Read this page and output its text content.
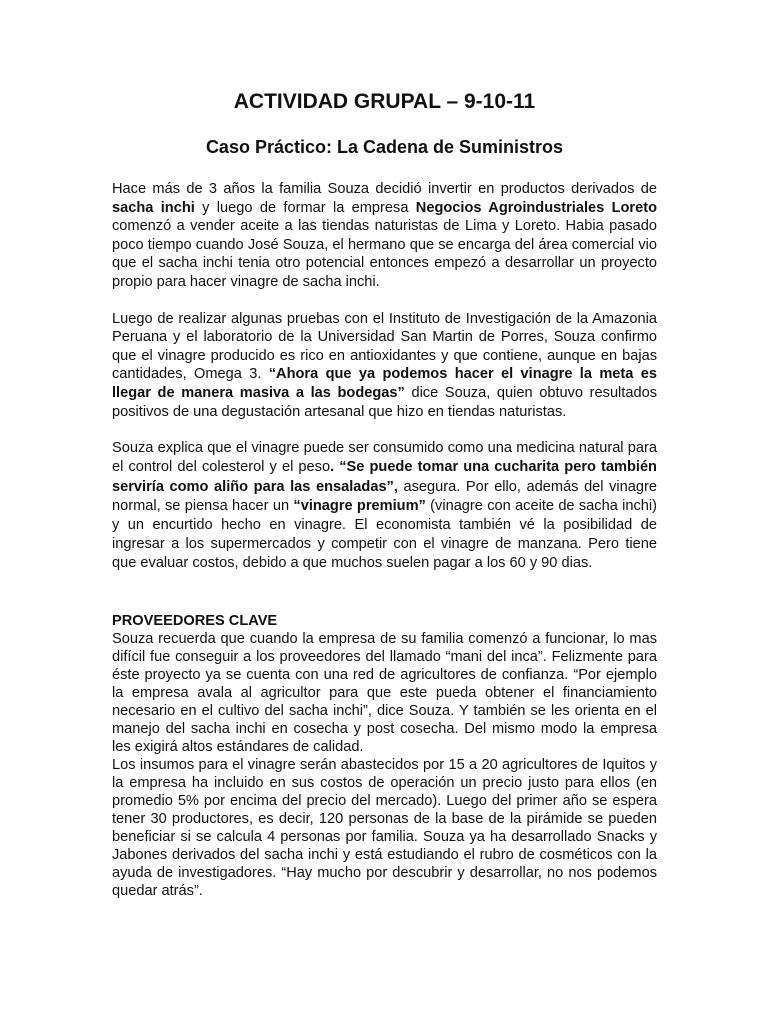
ACTIVIDAD GRUPAL – 9-10-11
Caso Práctico: La Cadena de Suministros

Hace más de 3 años la familia Souza decidió invertir en productos derivados de sacha inchi y luego de formar la empresa Negocios Agroindustriales Loreto comenzó a vender aceite a las tiendas naturistas de Lima y Loreto. Habia pasado poco tiempo cuando José Souza, el hermano que se encarga del área comercial vio que el sacha inchi tenia otro potencial entonces empezó a desarrollar un proyecto propio para hacer vinagre de sacha inchi.

Luego de realizar algunas pruebas con el Instituto de Investigación de la Amazonia Peruana y el laboratorio de la Universidad San Martin de Porres, Souza confirmo que el vinagre producido es rico en antioxidantes y que contiene, aunque en bajas cantidades, Omega 3. “Ahora que ya podemos hacer el vinagre la meta es llegar de manera masiva a las bodegas” dice Souza, quien obtuvo resultados positivos de una degustación artesanal que hizo en tiendas naturistas.

Souza explica que el vinagre puede ser consumido como una medicina natural para el control del colesterol y el peso. “Se puede tomar una cucharita pero también serviría como aliño para las ensaladas”, asegura. Por ello, además del vinagre normal, se piensa hacer un “vinagre premium” (vinagre con aceite de sacha inchi) y un encurtido hecho en vinagre. El economista también vé la posibilidad de ingresar a los supermercados y competir con el vinagre de manzana. Pero tiene que evaluar costos, debido a que muchos suelen pagar a los 60 y 90 dias.

PROVEEDORES CLAVE

Souza recuerda que cuando la empresa de su familia comenzó a funcionar, lo mas difícil fue conseguir a los proveedores del llamado “mani del inca”. Felizmente para éste proyecto ya se cuenta con una red de agricultores de confianza. “Por ejemplo la empresa avala al agricultor para que este pueda obtener el financiamiento necesario en el cultivo del sacha inchi”, dice Souza. Y también se les orienta en el manejo del sacha inchi en cosecha y post cosecha. Del mismo modo la empresa les exigirá altos estándares de calidad.

Los insumos para el vinagre serán abastecidos por 15 a 20 agricultores de Iquitos y la empresa ha incluido en sus costos de operación un precio justo para ellos (en promedio 5% por encima del precio del mercado). Luego del primer año se espera tener 30 productores, es decir, 120 personas de la base de la pirámide se pueden beneficiar si se calcula 4 personas por familia. Souza ya ha desarrollado Snacks y Jabones derivados del sacha inchi y está estudiando el rubro de cosméticos con la ayuda de investigadores. “Hay mucho por descubrir y desarrollar, no nos podemos quedar atrás”.
